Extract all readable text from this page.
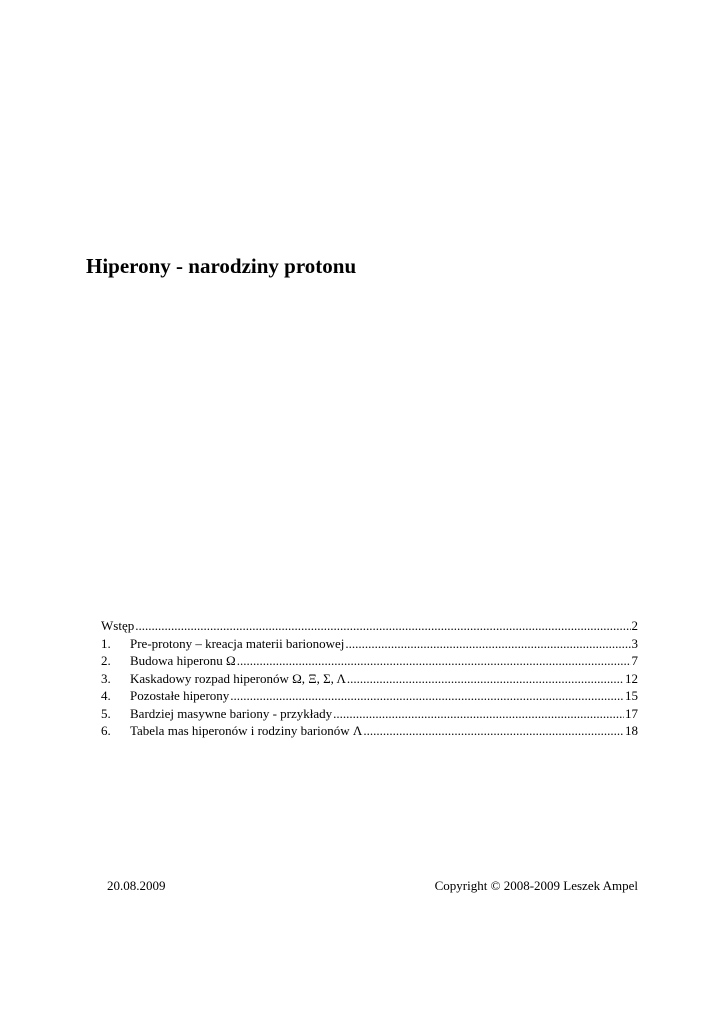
Hiperony - narodziny protonu
Wstęp .....	2
1.	Pre-protony – kreacja materii barionowej .....	3
2.	Budowa hiperonu Ω .....	7
3.	Kaskadowy rozpad hiperonów Ω, Ξ, Σ, Λ .....	12
4.	Pozostałe hiperony .....	15
5.	Bardziej masywne bariony - przykłady .....	17
6.	Tabela mas hiperonów i rodziny barionów Λ .....	18
20.08.2009	Copyright © 2008-2009 Leszek Ampel
